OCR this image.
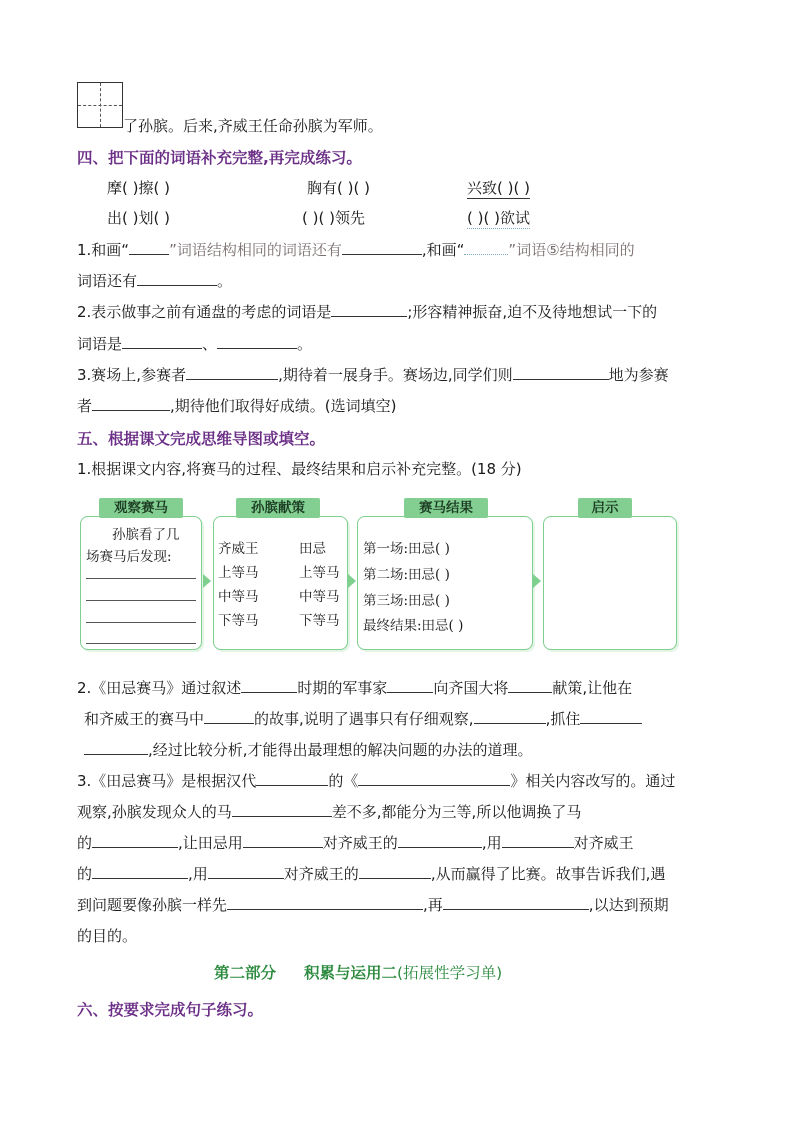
了孙膑。后来,齐威王任命孙膑为军师。
四、把下面的词语补充完整,再完成练习。
摩( )擦( )	胸有( )( )	兴致( )( )
出( )划( )	( )( )领先	( )( )欲试
1.和画“	”词语结构相同的词语还有	,和画“	”词语⑤结构相同的
词语还有	。
2.表示做事之前有通盘的考虑的词语是	;形容精神振奋,迫不及待地想试一下的
词语是	、	。
3.赛场上,参赛者	,期待着一展身手。赛场边,同学们则	地为参赛
者	,期待他们取得好成绩。(选词填空)
五、根据课文完成思维导图或填空。
1.根据课文内容,将赛马的过程、最终结果和启示补充完整。(18 分)
观察赛马
孙膑看了几
场赛马后发现:
孙膑献策
齐威王	田忌
上等马	上等马
中等马	中等马
下等马	下等马
赛马结果
第一场:田忌( )
第二场:田忌( )
第三场:田忌( )
最终结果:田忌( )
启示
2.《田忌赛马》通过叙述	时期的军事家	向齐国大将	献策,让他在
和齐威王的赛马中	的故事,说明了遇事只有仔细观察,	,抓住
,经过比较分析,才能得出最理想的解决问题的办法的道理。
3.《田忌赛马》是根据汉代	的《	》相关内容改写的。通过
观察,孙膑发现众人的马	差不多,都能分为三等,所以他调换了马
的	,让田忌用	对齐威王的	,用	对齐威王
的	,用	对齐威王的	,从而赢得了比赛。故事告诉我们,遇
到问题要像孙膑一样先	,再	,以达到预期
的目的。
第二部分 积累与运用二(拓展性学习单)
六、按要求完成句子练习。
